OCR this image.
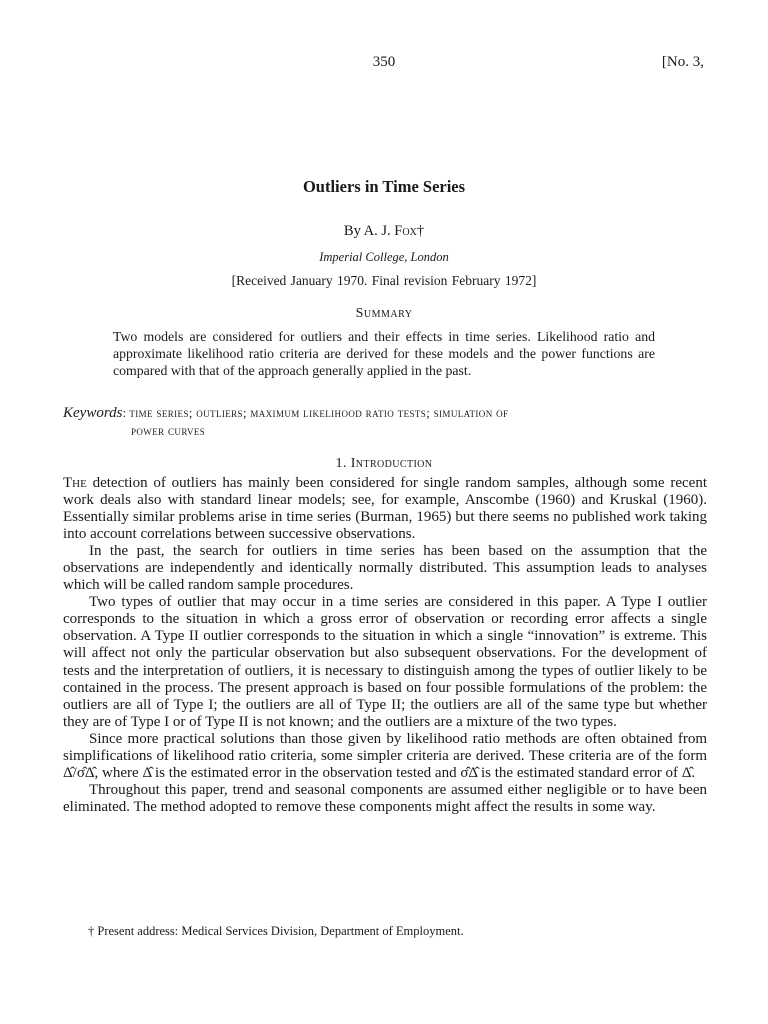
350	[No. 3,
Outliers in Time Series
By A. J. Fox†
Imperial College, London
[Received January 1970. Final revision February 1972]
Summary
Two models are considered for outliers and their effects in time series. Likelihood ratio and approximate likelihood ratio criteria are derived for these models and the power functions are compared with that of the approach generally applied in the past.
Keywords: time series; outliers; maximum likelihood ratio tests; simulation of
power curves
1. Introduction

The detection of outliers has mainly been considered for single random samples, although some recent work deals also with standard linear models; see, for example, Anscombe (1960) and Kruskal (1960). Essentially similar problems arise in time series (Burman, 1965) but there seems no published work taking into account correlations between successive observations.

In the past, the search for outliers in time series has been based on the assumption that the observations are independently and identically normally distributed. This assumption leads to analyses which will be called random sample procedures.

Two types of outlier that may occur in a time series are considered in this paper. A Type I outlier corresponds to the situation in which a gross error of observation or recording error affects a single observation. A Type II outlier corresponds to the situation in which a single “innovation” is extreme. This will affect not only the particular observation but also subsequent observations. For the development of tests and the interpretation of outliers, it is necessary to distinguish among the types of outlier likely to be contained in the process. The present approach is based on four possible formulations of the problem: the outliers are all of Type I; the outliers are all of Type II; the outliers are all of the same type but whether they are of Type I or of Type II is not known; and the outliers are a mixture of the two types.

Since more practical solutions than those given by likelihood ratio methods are often obtained from simplifications of likelihood ratio criteria, some simpler criteria are derived. These criteria are of the form Δ̂/σ̂Δ̂, where Δ̂ is the estimated error in the observation tested and σ̂Δ̂ is the estimated standard error of Δ̂.

Throughout this paper, trend and seasonal components are assumed either negligible or to have been eliminated. The method adopted to remove these components might affect the results in some way.

† Present address: Medical Services Division, Department of Employment.
